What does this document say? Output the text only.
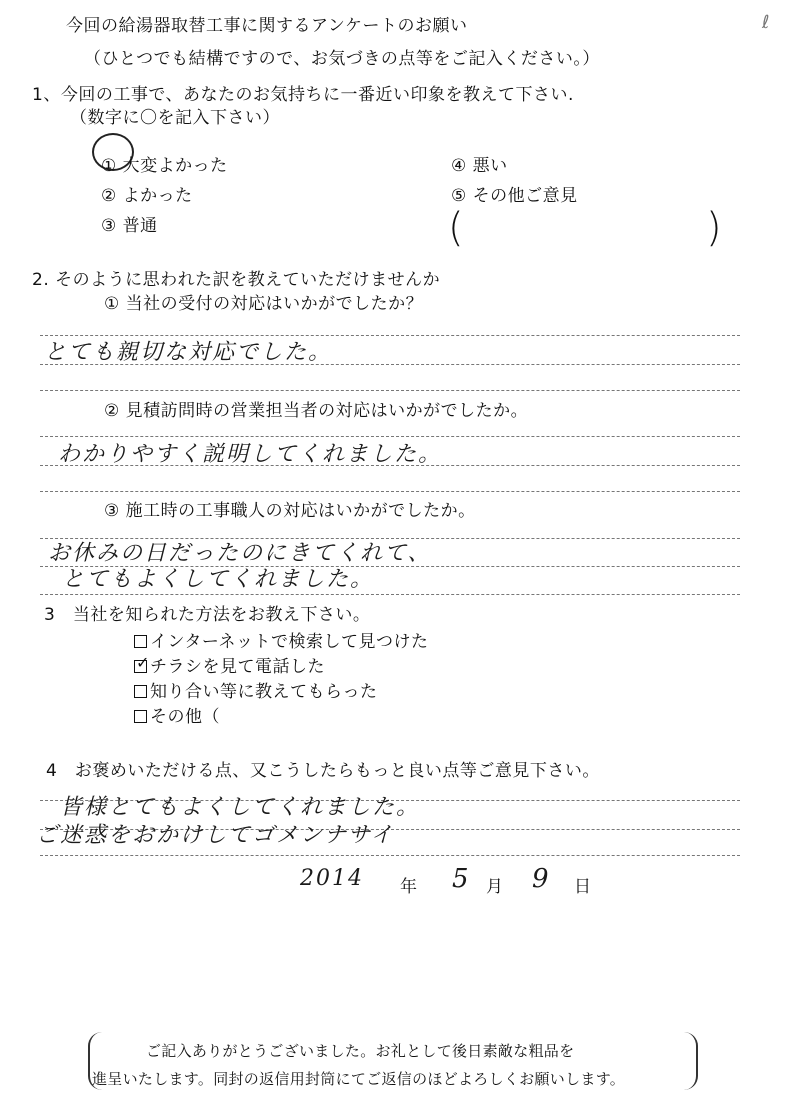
ℓ
今回の給湯器取替工事に関するアンケートのお願い
（ひとつでも結構ですので、お気づきの点等をご記入ください。）
1、今回の工事で、あなたのお気持ちに一番近い印象を教えて下さい.
（数字に〇を記入下さい）
① 大変よかった
② よかった
③ 普通
④ 悪い
⑤ その他ご意見
(	)
2. そのように思われた訳を教えていただけませんか
① 当社の受付の対応はいかがでしたか？
とても親切な対応でした。
② 見積訪問時の営業担当者の対応はいかがでしたか。
わかりやすく説明してくれました。
③ 施工時の工事職人の対応はいかがでしたか。
お休みの日だったのにきてくれて、
とてもよくしてくれました。
3　当社を知られた方法をお教え下さい。
インターネットで検索して見つけた
✓ チラシを見て電話した
知り合い等に教えてもらった
その他（
4　お褒めいただける点、又こうしたらもっと良い点等ご意見下さい。
皆様とてもよくしてくれました。
ご迷惑をおかけしてゴメンナサイ
2014 年 5 月 9 日
ご記入ありがとうございました。お礼として後日素敵な粗品を
進呈いたします。同封の返信用封筒にてご返信のほどよろしくお願いします。
